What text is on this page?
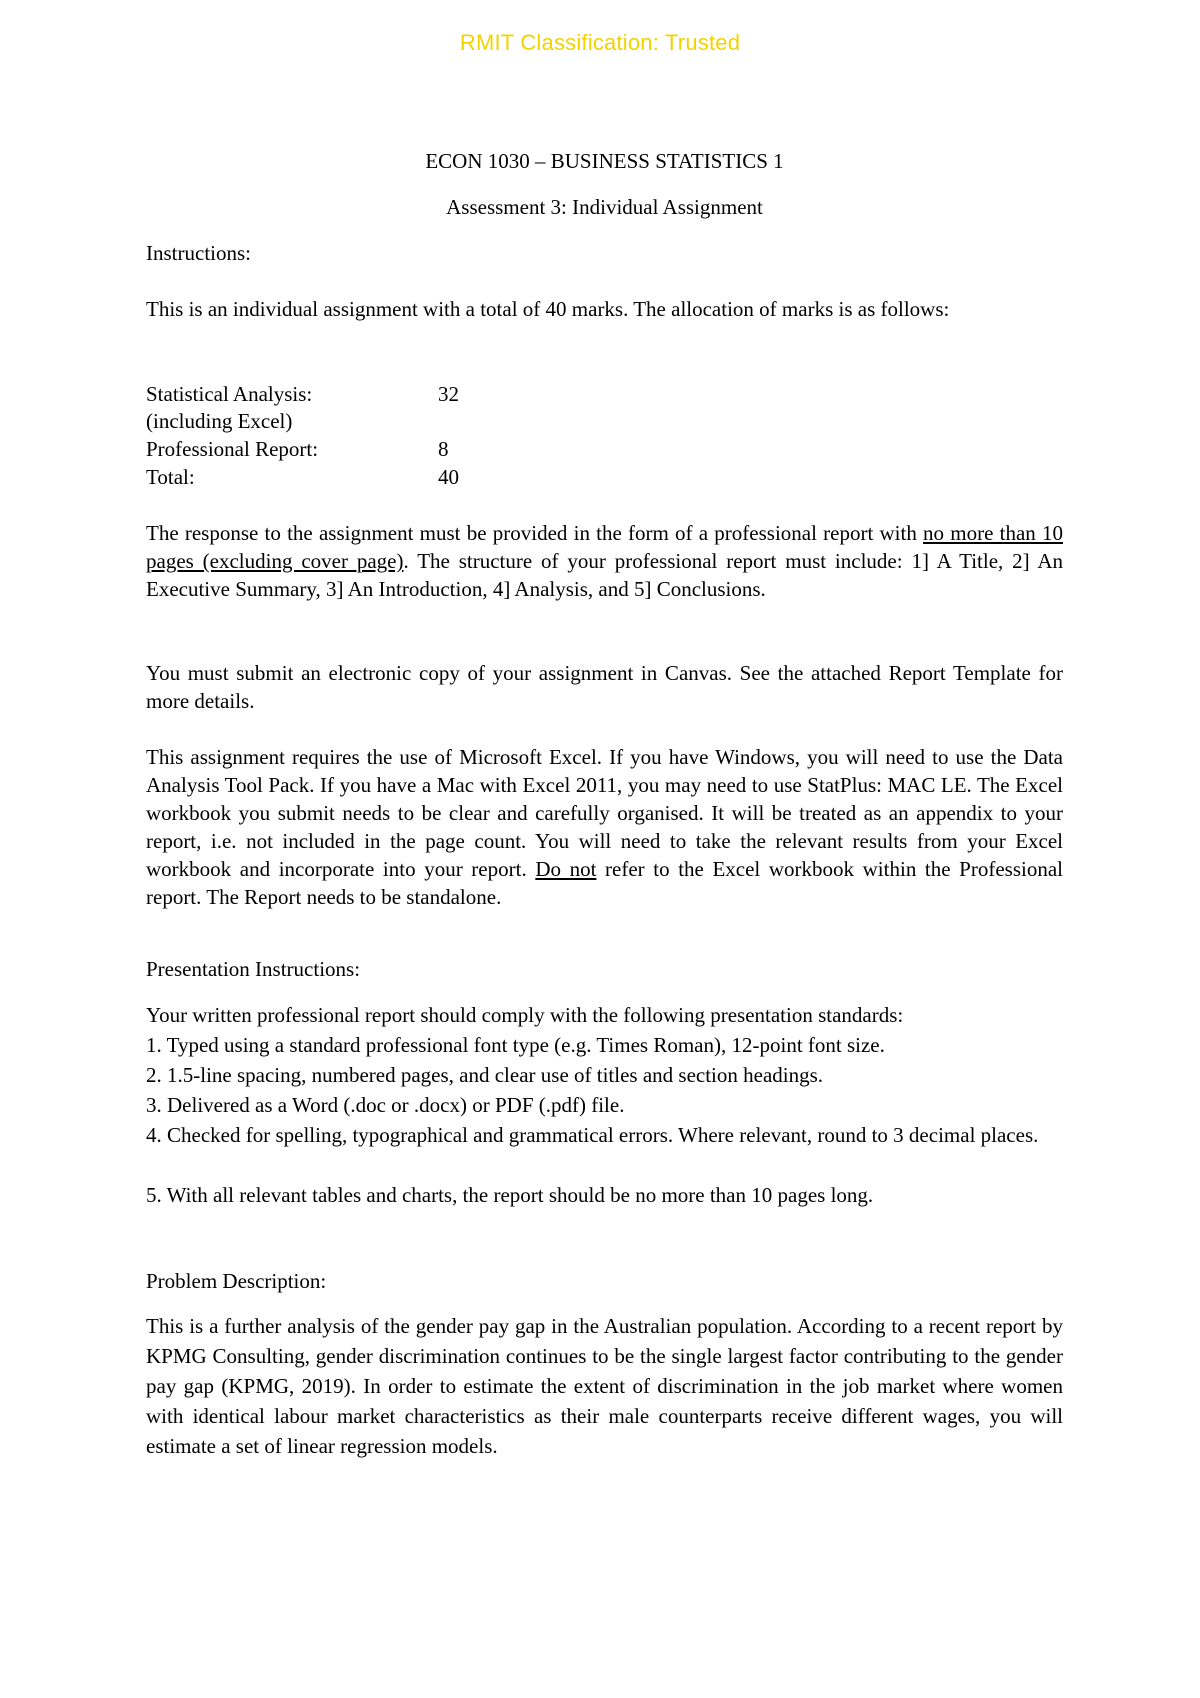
RMIT Classification: Trusted

ECON 1030 – BUSINESS STATISTICS 1

Assessment 3: Individual Assignment

Instructions:

This is an individual assignment with a total of 40 marks. The allocation of marks is as follows:

Statistical Analysis:	32
(including Excel)
Professional Report:	8
Total:	40

The response to the assignment must be provided in the form of a professional report with no more than 10 pages (excluding cover page). The structure of your professional report must include: 1] A Title, 2] An Executive Summary, 3] An Introduction, 4] Analysis, and 5] Conclusions.

You must submit an electronic copy of your assignment in Canvas. See the attached Report Template for more details.

This assignment requires the use of Microsoft Excel. If you have Windows, you will need to use the Data Analysis Tool Pack. If you have a Mac with Excel 2011, you may need to use StatPlus: MAC LE. The Excel workbook you submit needs to be clear and carefully organised. It will be treated as an appendix to your report, i.e. not included in the page count. You will need to take the relevant results from your Excel workbook and incorporate into your report. Do not refer to the Excel workbook within the Professional report. The Report needs to be standalone.

Presentation Instructions:

Your written professional report should comply with the following presentation standards:

1. Typed using a standard professional font type (e.g. Times Roman), 12-point font size.

2. 1.5-line spacing, numbered pages, and clear use of titles and section headings.

3. Delivered as a Word (.doc or .docx) or PDF (.pdf) file.

4. Checked for spelling, typographical and grammatical errors. Where relevant, round to 3 decimal places.

5. With all relevant tables and charts, the report should be no more than 10 pages long.

Problem Description:

This is a further analysis of the gender pay gap in the Australian population. According to a recent report by KPMG Consulting, gender discrimination continues to be the single largest factor contributing to the gender pay gap (KPMG, 2019). In order to estimate the extent of discrimination in the job market where women with identical labour market characteristics as their male counterparts receive different wages, you will estimate a set of linear regression models.
